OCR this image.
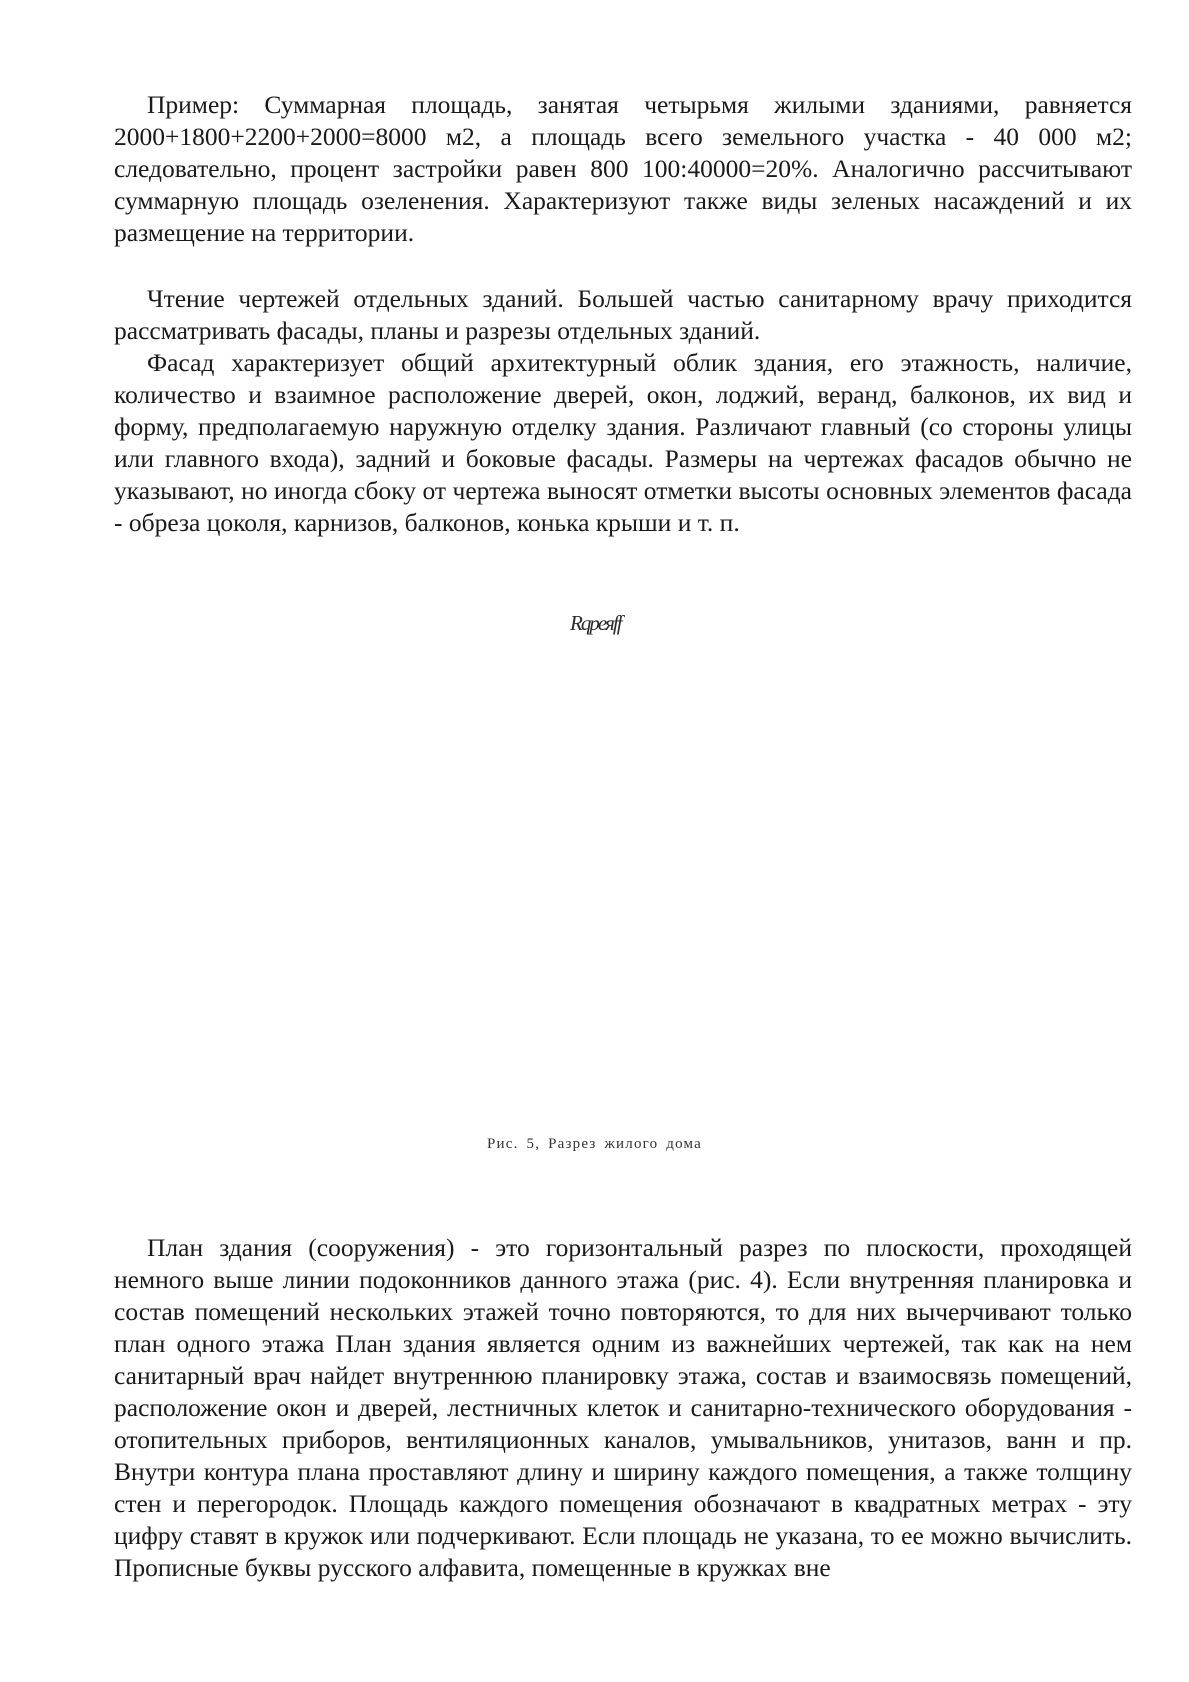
Пример: Суммарная площадь, занятая четырьмя жилыми зданиями, равняется 2000+1800+2200+2000=8000 м2, а площадь всего земельного участка - 40 000 м2; следовательно, процент застройки равен 800 100:40000=20%. Аналогично рассчитывают суммарную площадь озеленения. Характеризуют также виды зеленых насаждений и их размещение на территории.

Чтение чертежей отдельных зданий. Большей частью санитарному врачу приходится рассматривать фасады, планы и разрезы отдельных зданий.

Фасад характеризует общий архитектурный облик здания, его этажность, наличие, количество и взаимное расположение дверей, окон, лоджий, веранд, балконов, их вид и форму, предполагаемую наружную отделку здания. Различают главный (со стороны улицы или главного входа), задний и боковые фасады. Размеры на чертежах фасадов обычно не указывают, но иногда сбоку от чертежа выносят отметки высоты основных элементов фасада - обреза цоколя, карнизов, балконов, конька крыши и т. п.

Rqpeяff
Рис. 5, Разрез жилого дома

План здания (сооружения) - это горизонтальный разрез по плоскости, проходящей немного выше линии подоконников данного этажа (рис. 4). Если внутренняя планировка и состав помещений нескольких этажей точно повторяются, то для них вычерчивают только план одного этажа План здания является одним из важнейших чертежей, так как на нем санитарный врач найдет внутреннюю планировку этажа, состав и взаимосвязь помещений, расположение окон и дверей, лестничных клеток и санитарно-технического оборудования - отопительных приборов, вентиляционных каналов, умывальников, унитазов, ванн и пр. Внутри контура плана проставляют длину и ширину каждого помещения, а также толщину стен и перегородок. Площадь каждого помещения обозначают в квадратных метрах - эту цифру ставят в кружок или подчеркивают. Если площадь не указана, то ее можно вычислить. Прописные буквы русского алфавита, помещенные в кружках вне
